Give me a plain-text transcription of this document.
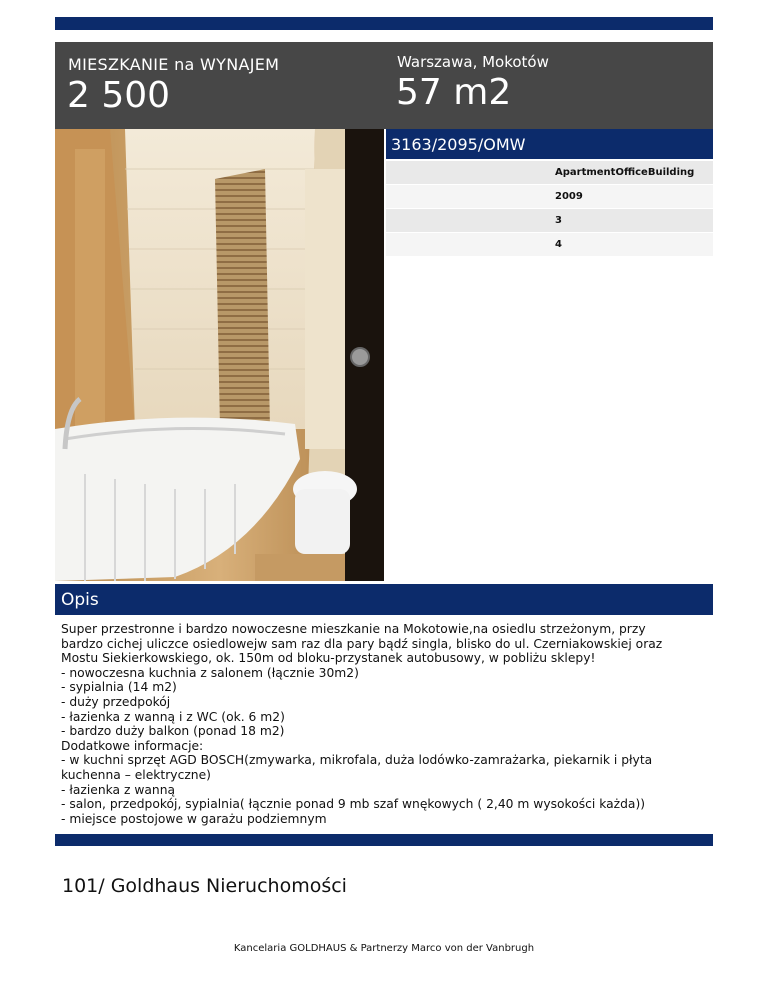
MIESZKANIE na WYNAJEM
2 500
Warszawa, Mokotów
57 m2
3163/2095/OMW
ApartmentOfficeBuilding
2009
3
4
Opis
Super przestronne i bardzo nowoczesne mieszkanie na Mokotowie,na osiedlu strzeżonym, przy
bardzo cichej uliczce osiedlowejw sam raz dla pary bądź singla, blisko do ul. Czerniakowskiej oraz
Mostu Siekierkowskiego, ok. 150m od bloku-przystanek autobusowy, w pobliżu sklepy!
- nowoczesna kuchnia z salonem (łącznie 30m2)
- sypialnia (14 m2)
- duży przedpokój
- łazienka z wanną i z WC (ok. 6 m2)
- bardzo duży balkon (ponad 18 m2)
Dodatkowe informacje:
- w kuchni sprzęt AGD BOSCH(zmywarka, mikrofala, duża lodówko-zamrażarka, piekarnik i płyta
kuchenna – elektryczne)
- łazienka z wanną
- salon, przedpokój, sypialnia( łącznie ponad 9 mb szaf wnękowych ( 2,40 m wysokości każda))
- miejsce postojowe w garażu podziemnym
101/ Goldhaus Nieruchomości
Kancelaria GOLDHAUS & Partnerzy Marco von der Vanbrugh
